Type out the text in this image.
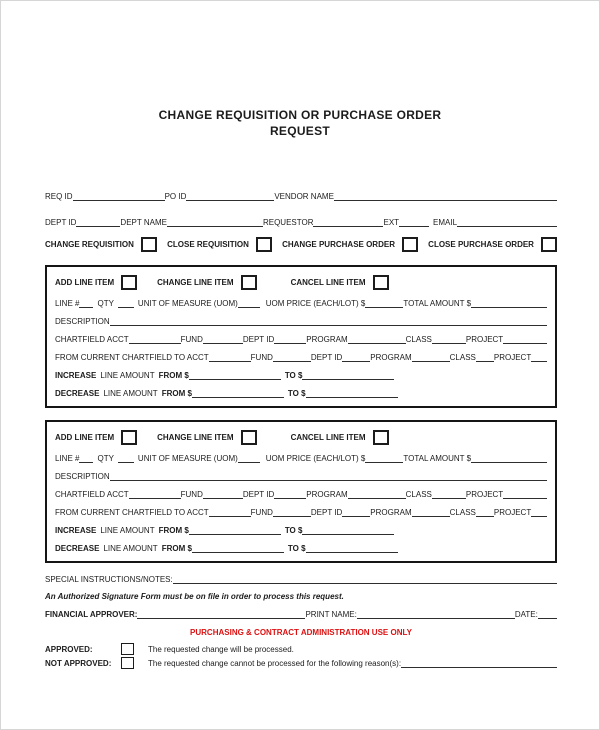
CHANGE REQUISITION OR PURCHASE ORDER
REQUEST
REQ ID	PO ID	VENDOR NAME
DEPT ID	DEPT NAME	REQUESTOR	EXT	EMAIL
CHANGE REQUISITION	CLOSE REQUISITION	CHANGE PURCHASE ORDER	CLOSE PURCHASE ORDER
ADD LINE ITEM	CHANGE LINE ITEM	CANCEL LINE ITEM
LINE # QTY	UNIT OF MEASURE (UOM)	UOM PRICE (EACH/LOT) $	TOTAL AMOUNT $
DESCRIPTION
CHARTFIELD ACCT	FUND	DEPT ID	PROGRAM	CLASS	PROJECT
FROM CURRENT CHARTFIELD TO ACCT	FUND	DEPT ID	PROGRAM	CLASS PROJECT
INCREASE LINE AMOUNT FROM $	TO $
DECREASE LINE AMOUNT FROM $	TO $
ADD LINE ITEM	CHANGE LINE ITEM	CANCEL LINE ITEM
LINE # QTY	UNIT OF MEASURE (UOM)	UOM PRICE (EACH/LOT) $	TOTAL AMOUNT $
DESCRIPTION
CHARTFIELD ACCT	FUND	DEPT ID	PROGRAM	CLASS	PROJECT
FROM CURRENT CHARTFIELD TO ACCT	FUND	DEPT ID	PROGRAM	CLASS PROJECT
INCREASE LINE AMOUNT FROM $	TO $
DECREASE LINE AMOUNT FROM $	TO $
SPECIAL INSTRUCTIONS/NOTES:
An Authorized Signature Form must be on file in order to process this request.
FINANCIAL APPROVER:	PRINT NAME:	DATE:
PURCHASING & CONTRACT ADMINISTRATION USE ONLY
APPROVED:	The requested change will be processed.
NOT APPROVED:	The requested change cannot be processed for the following reason(s):
